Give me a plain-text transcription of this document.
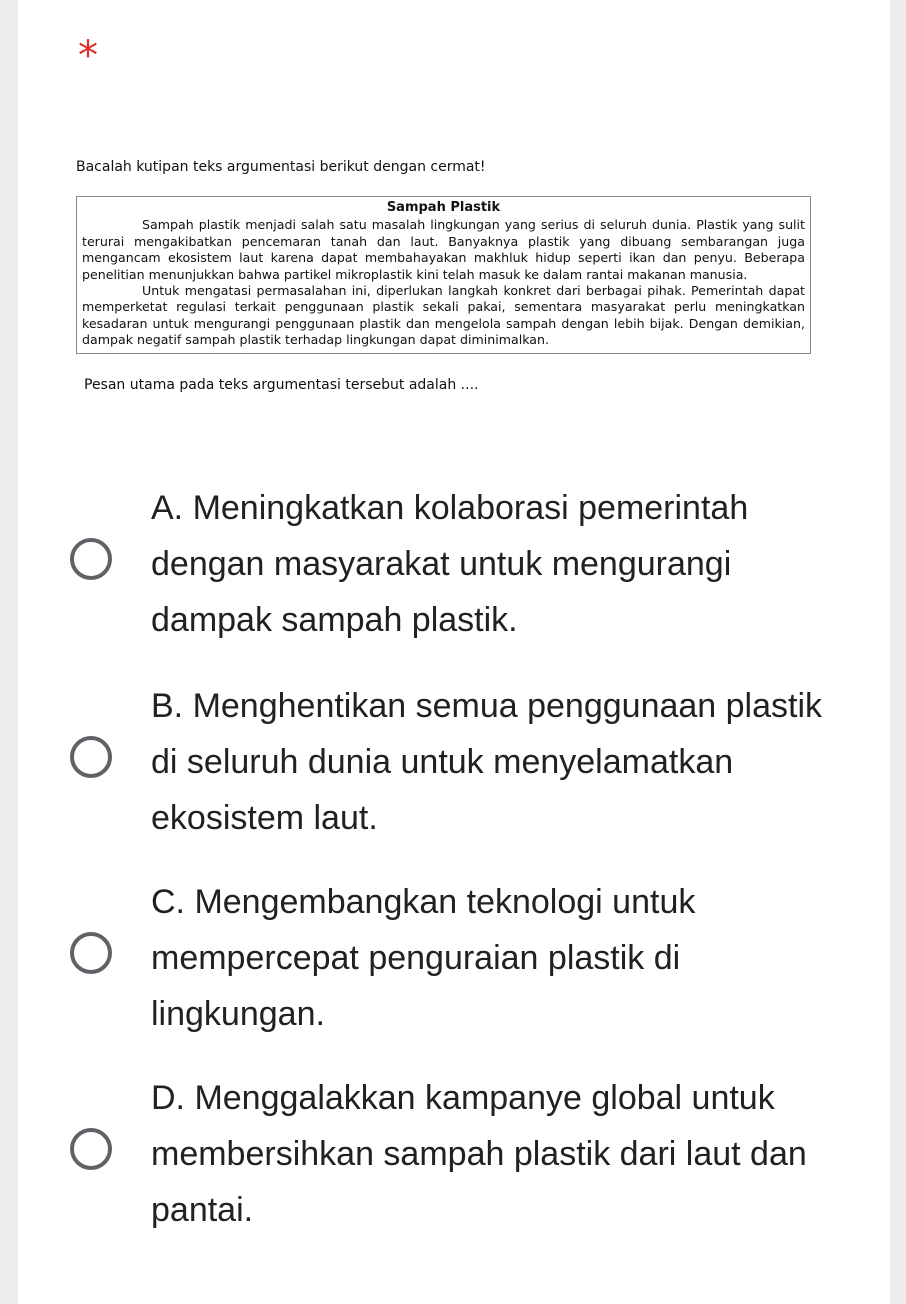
*

Bacalah kutipan teks argumentasi berikut dengan cermat!

Sampah Plastik

Sampah plastik menjadi salah satu masalah lingkungan yang serius di seluruh dunia. Plastik yang sulit terurai mengakibatkan pencemaran tanah dan laut. Banyaknya plastik yang dibuang sembarangan juga mengancam ekosistem laut karena dapat membahayakan makhluk hidup seperti ikan dan penyu. Beberapa penelitian menunjukkan bahwa partikel mikroplastik kini telah masuk ke dalam rantai makanan manusia.

Untuk mengatasi permasalahan ini, diperlukan langkah konkret dari berbagai pihak. Pemerintah dapat memperketat regulasi terkait penggunaan plastik sekali pakai, sementara masyarakat perlu meningkatkan kesadaran untuk mengurangi penggunaan plastik dan mengelola sampah dengan lebih bijak. Dengan demikian, dampak negatif sampah plastik terhadap lingkungan dapat diminimalkan.

Pesan utama pada teks argumentasi tersebut adalah ....

A. Meningkatkan kolaborasi pemerintah dengan masyarakat untuk mengurangi dampak sampah plastik.
B. Menghentikan semua penggunaan plastik di seluruh dunia untuk menyelamatkan ekosistem laut.
C. Mengembangkan teknologi untuk mempercepat penguraian plastik di lingkungan.
D. Menggalakkan kampanye global untuk membersihkan sampah plastik dari laut dan pantai.
